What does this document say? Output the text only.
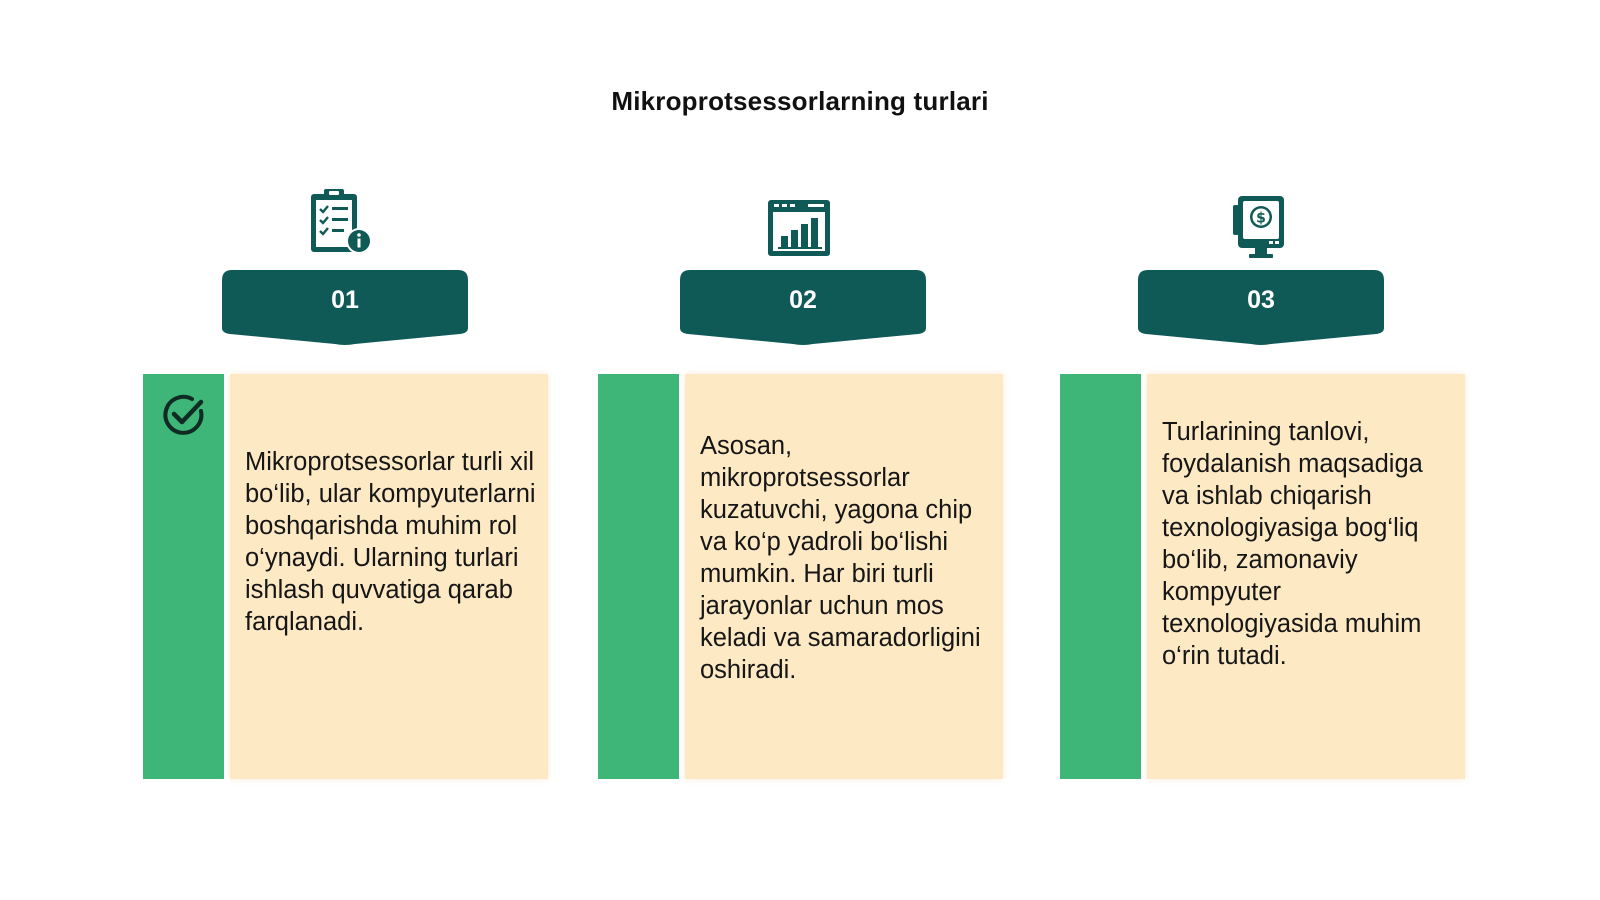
Mikroprotsessorlarning turlari
$
01	02	03
Mikroprotsessorlar turli xil bo‘lib, ular kompyuterlarni boshqarishda muhim rol o‘ynaydi. Ularning turlari ishlash quvvatiga qarab farqlanadi.
Asosan, mikroprotsessorlar kuzatuvchi, yagona chip va ko‘p yadroli bo‘lishi mumkin. Har biri turli jarayonlar uchun mos keladi va samaradorligini oshiradi.
Turlarining tanlovi, foydalanish maqsadiga va ishlab chiqarish texnologiyasiga bog‘liq bo‘lib, zamonaviy kompyuter texnologiyasida muhim o‘rin tutadi.
